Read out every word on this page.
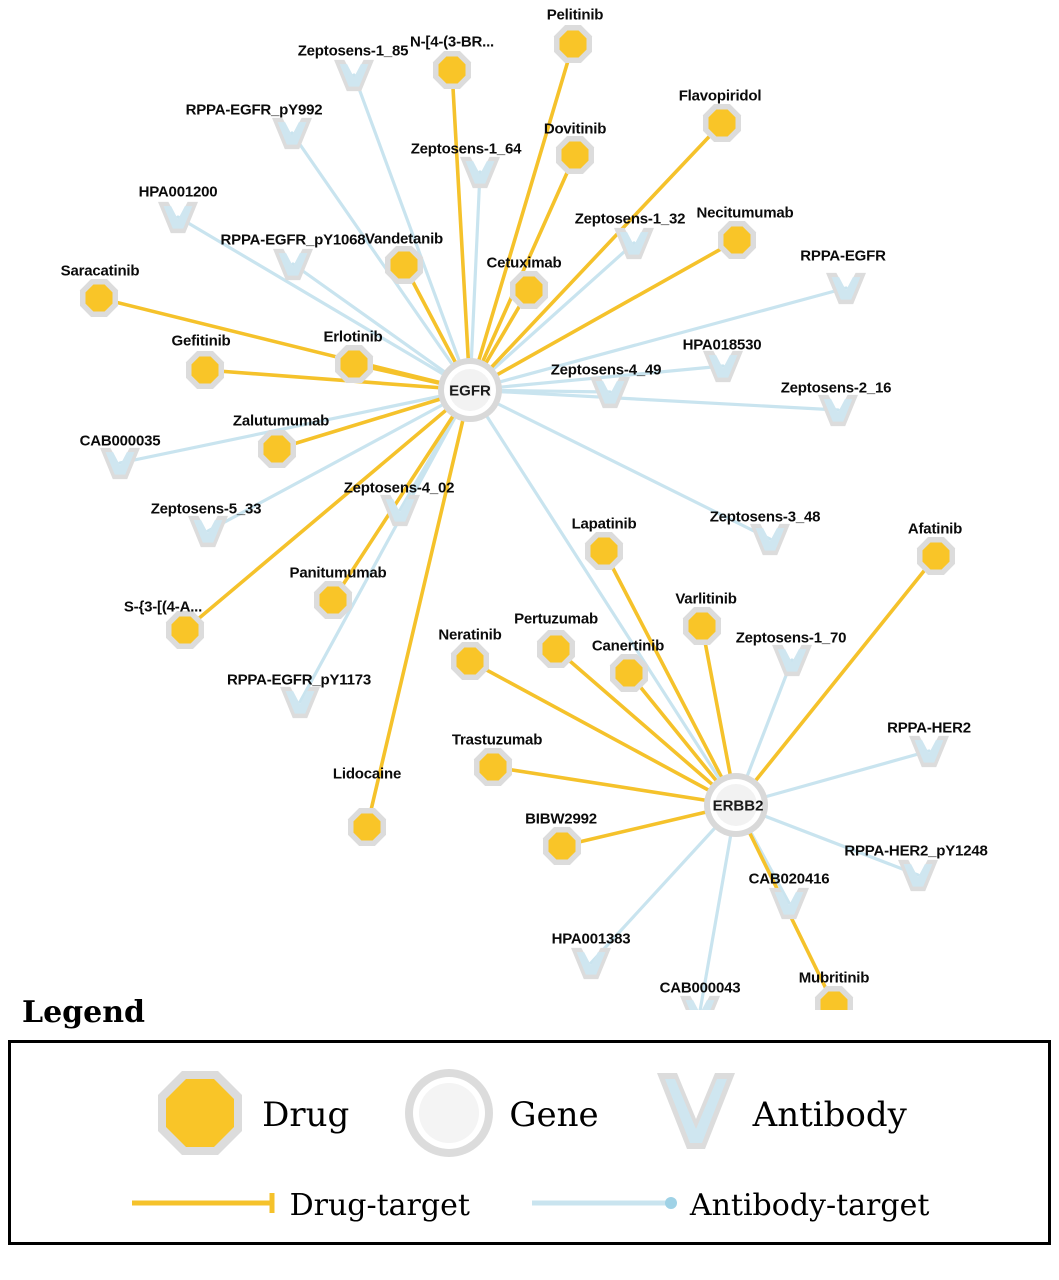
Zeptosens-1_85
RPPA-EGFR_pY992
Zeptosens-1_64
HPA001200
Zeptosens-1_32
RPPA-EGFR_pY1068
RPPA-EGFR
HPA018530
Zeptosens-4_49
Zeptosens-2_16
CAB000035
Zeptosens-4_02
Zeptosens-5_33	Zeptosens-3_48
RPPA-EGFR_pY1173
Zeptosens-1_70
RPPA-HER2
RPPA-HER2_pY1248
CAB020416
HPA001383
CAB000043
Pelitinib
N-[4-(3-BR...
Flavopiridol
Dovitinib
Necitumumab
Vandetanib
Cetuximab
Saracatinib
Gefitinib	Erlotinib
Zalutumumab
Panitumumab
S-{3-[(4-A...
Lapatinib	Afatinib
Varlitinib
Neratinib
Pertuzumab
Canertinib
Trastuzumab
Lidocaine
BIBW2992
Mubritinib
EGFR
ERBB2
Legend
Drug	Gene	Antibody
Drug-target	Antibody-target
